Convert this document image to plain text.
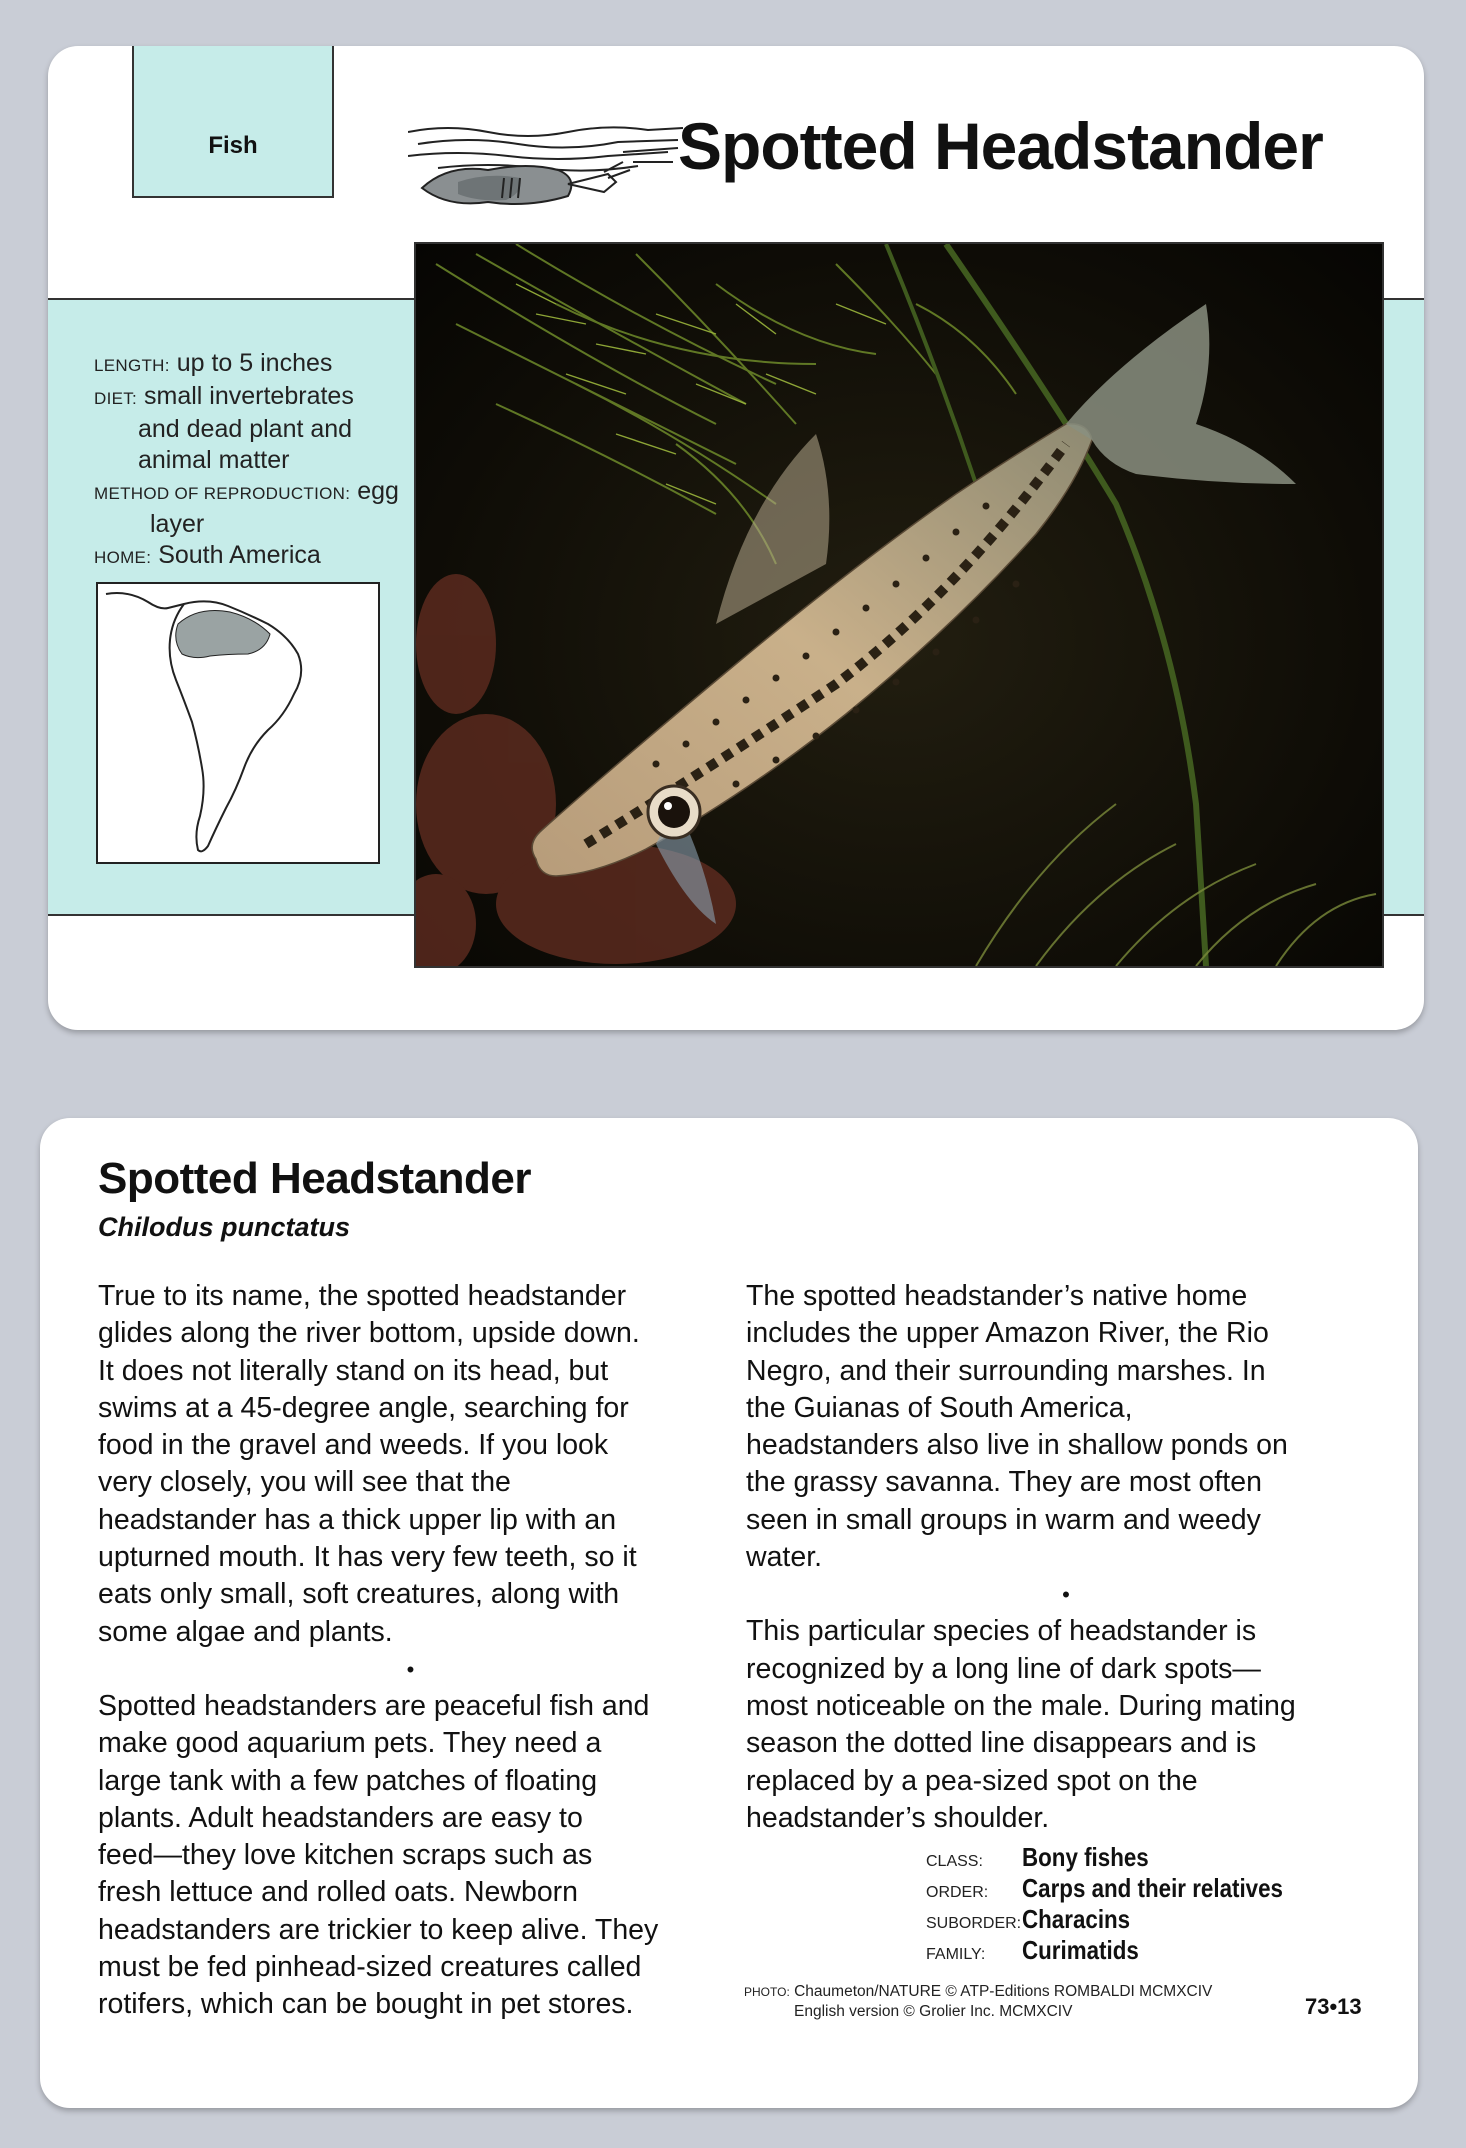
Fish	Spotted Headstander
LENGTH: up to 5 inches
DIET: small invertebrates
and dead plant and
animal matter
METHOD OF REPRODUCTION: egg
layer
HOME: South America
Spotted Headstander
Chilodus punctatus

True to its name, the spotted headstander

glides along the river bottom, upside down.

It does not literally stand on its head, but

swims at a 45-degree angle, searching for

food in the gravel and weeds. If you look

very closely, you will see that the

headstander has a thick upper lip with an

upturned mouth. It has very few teeth, so it

eats only small, soft creatures, along with

some algae and plants.

•

Spotted headstanders are peaceful fish and

make good aquarium pets. They need a

large tank with a few patches of floating

plants. Adult headstanders are easy to

feed—they love kitchen scraps such as

fresh lettuce and rolled oats. Newborn

headstanders are trickier to keep alive. They

must be fed pinhead-sized creatures called

rotifers, which can be bought in pet stores.

The spotted headstander’s native home

includes the upper Amazon River, the Rio

Negro, and their surrounding marshes. In

the Guianas of South America,

headstanders also live in shallow ponds on

the grassy savanna. They are most often

seen in small groups in warm and weedy

water.

•

This particular species of headstander is

recognized by a long line of dark spots—

most noticeable on the male. During mating

season the dotted line disappears and is

replaced by a pea-sized spot on the

headstander’s shoulder.

CLASS:	Bony fishes
ORDER:	Carps and their relatives
SUBORDER: Characins
FAMILY:	Curimatids
PHOTO: Chaumeton/NATURE © ATP-Editions ROMBALDI MCMXCIV
English version © Grolier Inc. MCMXCIV	73•13
